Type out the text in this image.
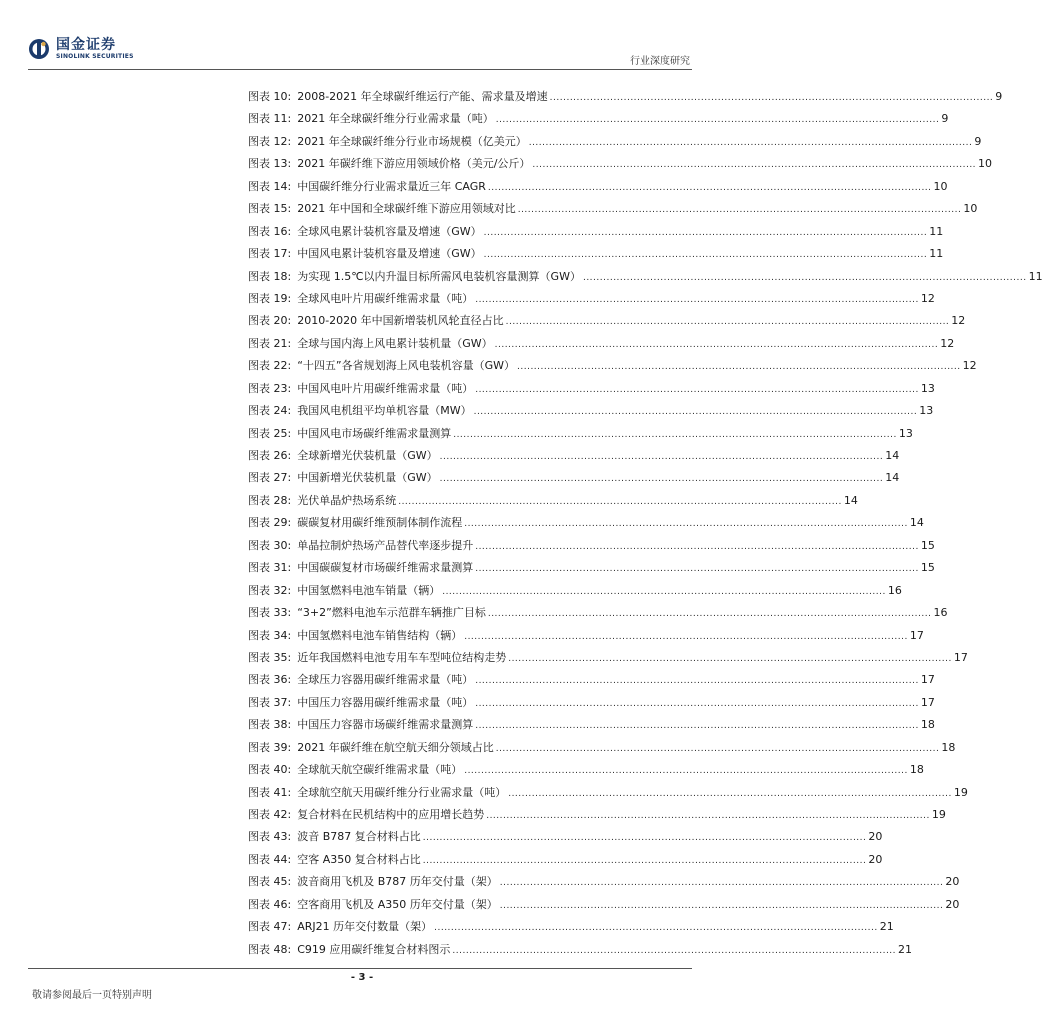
国金证券
SINOLINK SECURITIES	行业深度研究
图表 10: 2008-2021 年全球碳纤维运行产能、需求量及增速 .....	9
图表 11: 2021 年全球碳纤维分行业需求量（吨） .....	9
图表 12: 2021 年全球碳纤维分行业市场规模（亿美元） .....	9
图表 13: 2021 年碳纤维下游应用领域价格（美元/公斤） .....	10
图表 14: 中国碳纤维分行业需求量近三年 CAGR .....	10
图表 15: 2021 年中国和全球碳纤维下游应用领域对比 .....	10
图表 16: 全球风电累计装机容量及增速（GW） .....	11
图表 17: 中国风电累计装机容量及增速（GW） .....	11
图表 18: 为实现 1.5℃以内升温目标所需风电装机容量测算（GW） .....	11
图表 19: 全球风电叶片用碳纤维需求量（吨） .....	12
图表 20: 2010-2020 年中国新增装机风轮直径占比 .....	12
图表 21: 全球与国内海上风电累计装机量（GW） .....	12
图表 22: “十四五”各省规划海上风电装机容量（GW） .....	12
图表 23: 中国风电叶片用碳纤维需求量（吨） .....	13
图表 24: 我国风电机组平均单机容量（MW） .....	13
图表 25: 中国风电市场碳纤维需求量测算 .....	13
图表 26: 全球新增光伏装机量（GW） .....	14
图表 27: 中国新增光伏装机量（GW） .....	14
图表 28: 光伏单晶炉热场系统 .....	14
图表 29: 碳碳复材用碳纤维预制体制作流程 .....	14
图表 30: 单晶拉制炉热场产品替代率逐步提升 .....	15
图表 31: 中国碳碳复材市场碳纤维需求量测算 .....	15
图表 32: 中国氢燃料电池车销量（辆） .....	16
图表 33: “3+2”燃料电池车示范群车辆推广目标 .....	16
图表 34: 中国氢燃料电池车销售结构（辆） .....	17
图表 35: 近年我国燃料电池专用车车型吨位结构走势 .....	17
图表 36: 全球压力容器用碳纤维需求量（吨） .....	17
图表 37: 中国压力容器用碳纤维需求量（吨） .....	17
图表 38: 中国压力容器市场碳纤维需求量测算 .....	18
图表 39: 2021 年碳纤维在航空航天细分领域占比 .....	18
图表 40: 全球航天航空碳纤维需求量（吨） .....	18
图表 41: 全球航空航天用碳纤维分行业需求量（吨） .....	19
图表 42: 复合材料在民机结构中的应用增长趋势 .....	19
图表 43: 波音 B787 复合材料占比 .....	20
图表 44: 空客 A350 复合材料占比 .....	20
图表 45: 波音商用飞机及 B787 历年交付量（架） .....	20
图表 46: 空客商用飞机及 A350 历年交付量（架） .....	20
图表 47: ARJ21 历年交付数量（架） .....	21
图表 48: C919 应用碳纤维复合材料图示 .....	21
- 3 -
敬请参阅最后一页特别声明
